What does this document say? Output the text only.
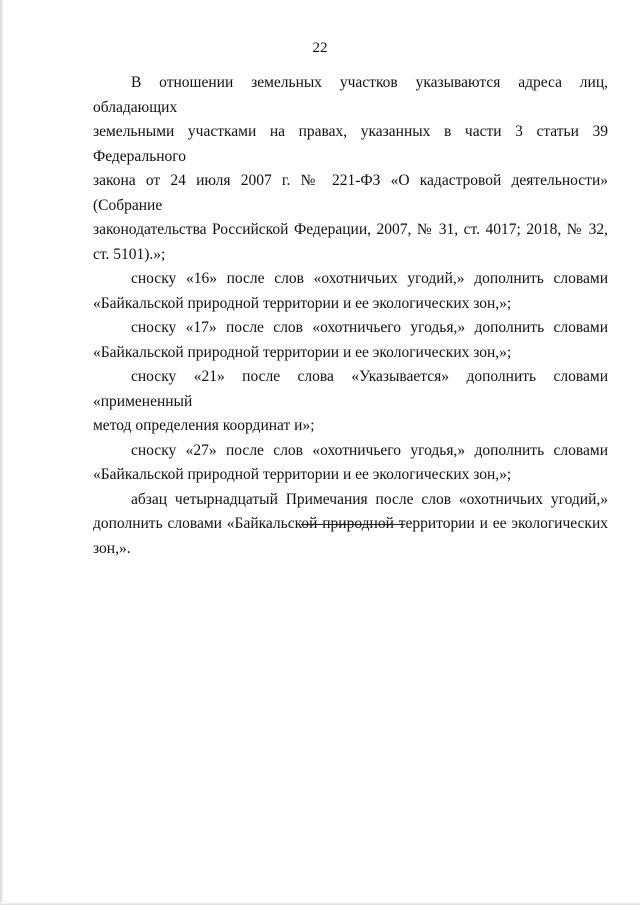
22

В отношении земельных участков указываются адреса лиц, обладающих
земельными участками на правах, указанных в части 3 статьи 39 Федерального
закона от 24 июля 2007 г. № 221-ФЗ «О кадастровой деятельности» (Собрание
законодательства Российской Федерации, 2007, № 31, ст. 4017; 2018, № 32,
ст. 5101).»;

сноску «16» после слов «охотничьих угодий,» дополнить словами
«Байкальской природной территории и ее экологических зон,»;

сноску «17» после слов «охотничьего угодья,» дополнить словами
«Байкальской природной территории и ее экологических зон,»;

сноску «21» после слова «Указывается» дополнить словами «примененный
метод определения координат и»;

сноску «27» после слов «охотничьего угодья,» дополнить словами
«Байкальской природной территории и ее экологических зон,»;

абзац четырнадцатый Примечания после слов «охотничьих угодий,»
дополнить словами «Байкальской природной территории и ее экологических
зон,».
